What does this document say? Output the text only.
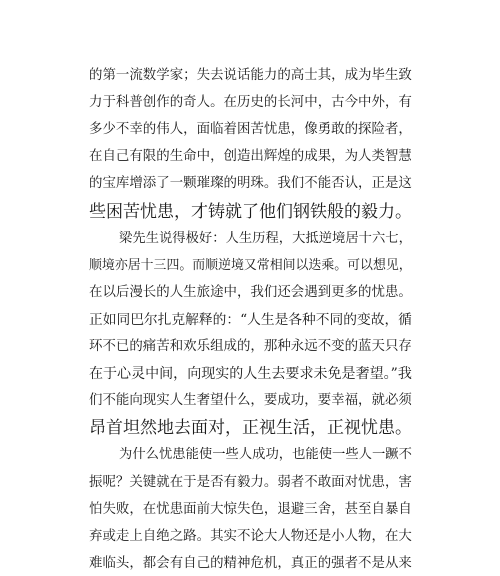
的第一流数学家；失去说话能力的高士其，成为毕生致
力于科普创作的奇人。在历史的长河中，古今中外，有
多少不幸的伟人，面临着困苦忧患，像勇敢的探险者，
在自己有限的生命中，创造出辉煌的成果，为人类智慧
的宝库增添了一颗璀璨的明珠。我们不能否认，正是这
些困苦忧患，才铸就了他们钢铁般的毅力。
梁先生说得极好：人生历程，大抵逆境居十六七，
顺境亦居十三四。而顺逆境又常相间以迭乘。可以想见，
在以后漫长的人生旅途中，我们还会遇到更多的忧患。
正如同巴尔扎克解释的：“人生是各种不同的变故，循
环不已的痛苦和欢乐组成的，那种永远不变的蓝天只存
在于心灵中间，向现实的人生去要求未免是奢望。”我
们不能向现实人生奢望什么，要成功，要幸福，就必须
昂首坦然地去面对，正视生活，正视忧患。
为什么忧患能使一些人成功，也能使一些人一蹶不
振呢？关键就在于是否有毅力。弱者不敢面对忧患，害
怕失败，在忧患面前大惊失色，退避三舍，甚至自暴自
弃或走上自绝之路。其实不论大人物还是小人物，在大
难临头，都会有自己的精神危机，真正的强者不是从来
